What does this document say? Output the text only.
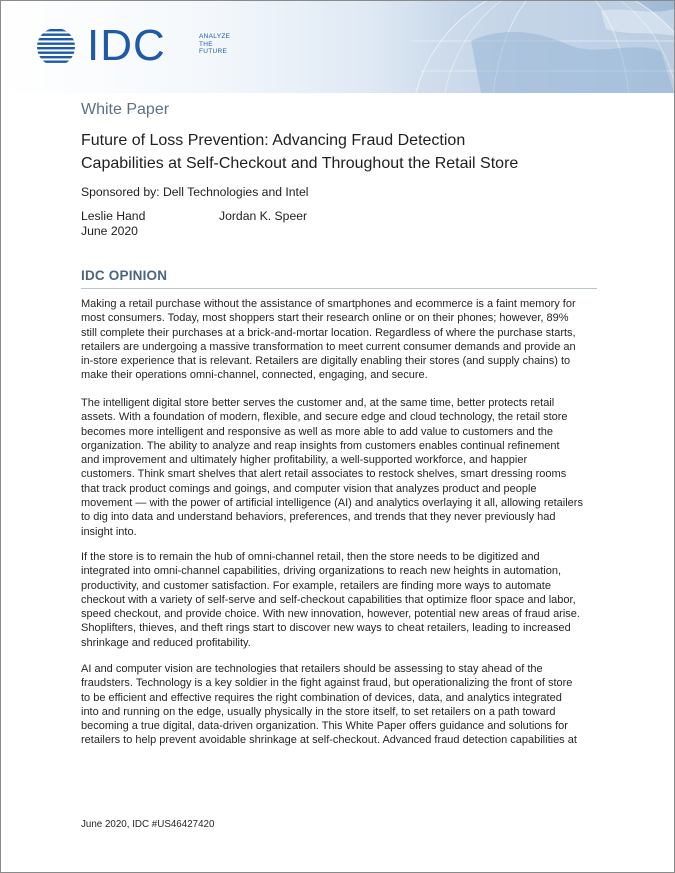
IDC	ANALYZE
THE
FUTURE
White Paper
Future of Loss Prevention: Advancing Fraud Detection
Capabilities at Self-Checkout and Throughout the Retail Store
Sponsored by: Dell Technologies and Intel
Leslie Hand	Jordan K. Speer
June 2020
IDC OPINION
Making a retail purchase without the assistance of smartphones and ecommerce is a faint memory for
most consumers. Today, most shoppers start their research online or on their phones; however, 89%
still complete their purchases at a brick-and-mortar location. Regardless of where the purchase starts,
retailers are undergoing a massive transformation to meet current consumer demands and provide an
in-store experience that is relevant. Retailers are digitally enabling their stores (and supply chains) to
make their operations omni-channel, connected, engaging, and secure.
The intelligent digital store better serves the customer and, at the same time, better protects retail
assets. With a foundation of modern, flexible, and secure edge and cloud technology, the retail store
becomes more intelligent and responsive as well as more able to add value to customers and the
organization. The ability to analyze and reap insights from customers enables continual refinement
and improvement and ultimately higher profitability, a well-supported workforce, and happier
customers. Think smart shelves that alert retail associates to restock shelves, smart dressing rooms
that track product comings and goings, and computer vision that analyzes product and people
movement — with the power of artificial intelligence (AI) and analytics overlaying it all, allowing retailers
to dig into data and understand behaviors, preferences, and trends that they never previously had
insight into.
If the store is to remain the hub of omni-channel retail, then the store needs to be digitized and
integrated into omni-channel capabilities, driving organizations to reach new heights in automation,
productivity, and customer satisfaction. For example, retailers are finding more ways to automate
checkout with a variety of self-serve and self-checkout capabilities that optimize floor space and labor,
speed checkout, and provide choice. With new innovation, however, potential new areas of fraud arise.
Shoplifters, thieves, and theft rings start to discover new ways to cheat retailers, leading to increased
shrinkage and reduced profitability.
AI and computer vision are technologies that retailers should be assessing to stay ahead of the
fraudsters. Technology is a key soldier in the fight against fraud, but operationalizing the front of store
to be efficient and effective requires the right combination of devices, data, and analytics integrated
into and running on the edge, usually physically in the store itself, to set retailers on a path toward
becoming a true digital, data-driven organization. This White Paper offers guidance and solutions for
retailers to help prevent avoidable shrinkage at self-checkout. Advanced fraud detection capabilities at
June 2020, IDC #US46427420
